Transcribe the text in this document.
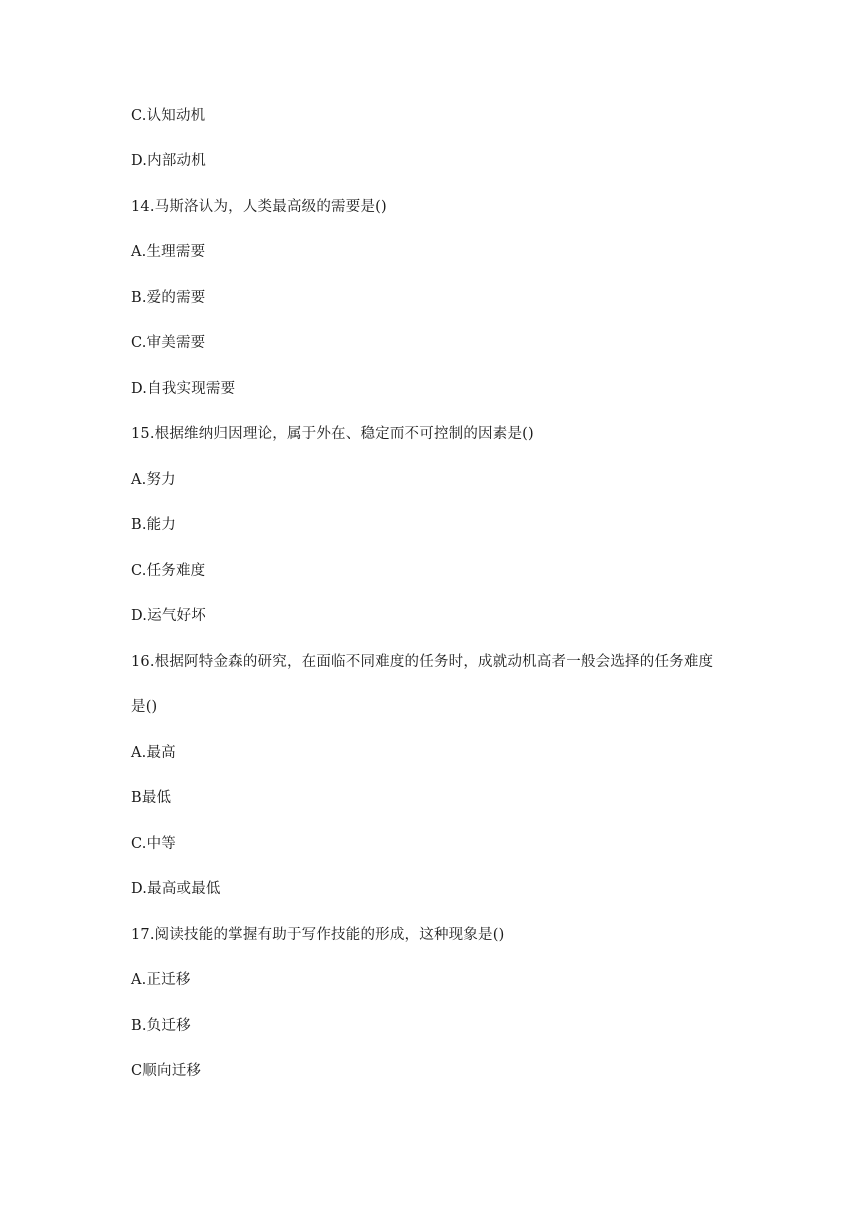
C.认知动机
D.内部动机
14.马斯洛认为，人类最高级的需要是()
A.生理需要
B.爱的需要
C.审美需要
D.自我实现需要
15.根据维纳归因理论，属于外在、稳定而不可控制的因素是()
A.努力
B.能力
C.任务难度
D.运气好坏
16.根据阿特金森的研究，在面临不同难度的任务时，成就动机高者一般会选择的任务难度
是()
A.最高
B最低
C.中等
D.最高或最低
17.阅读技能的掌握有助于写作技能的形成，这种现象是()
A.正迁移
B.负迁移
C顺向迁移
